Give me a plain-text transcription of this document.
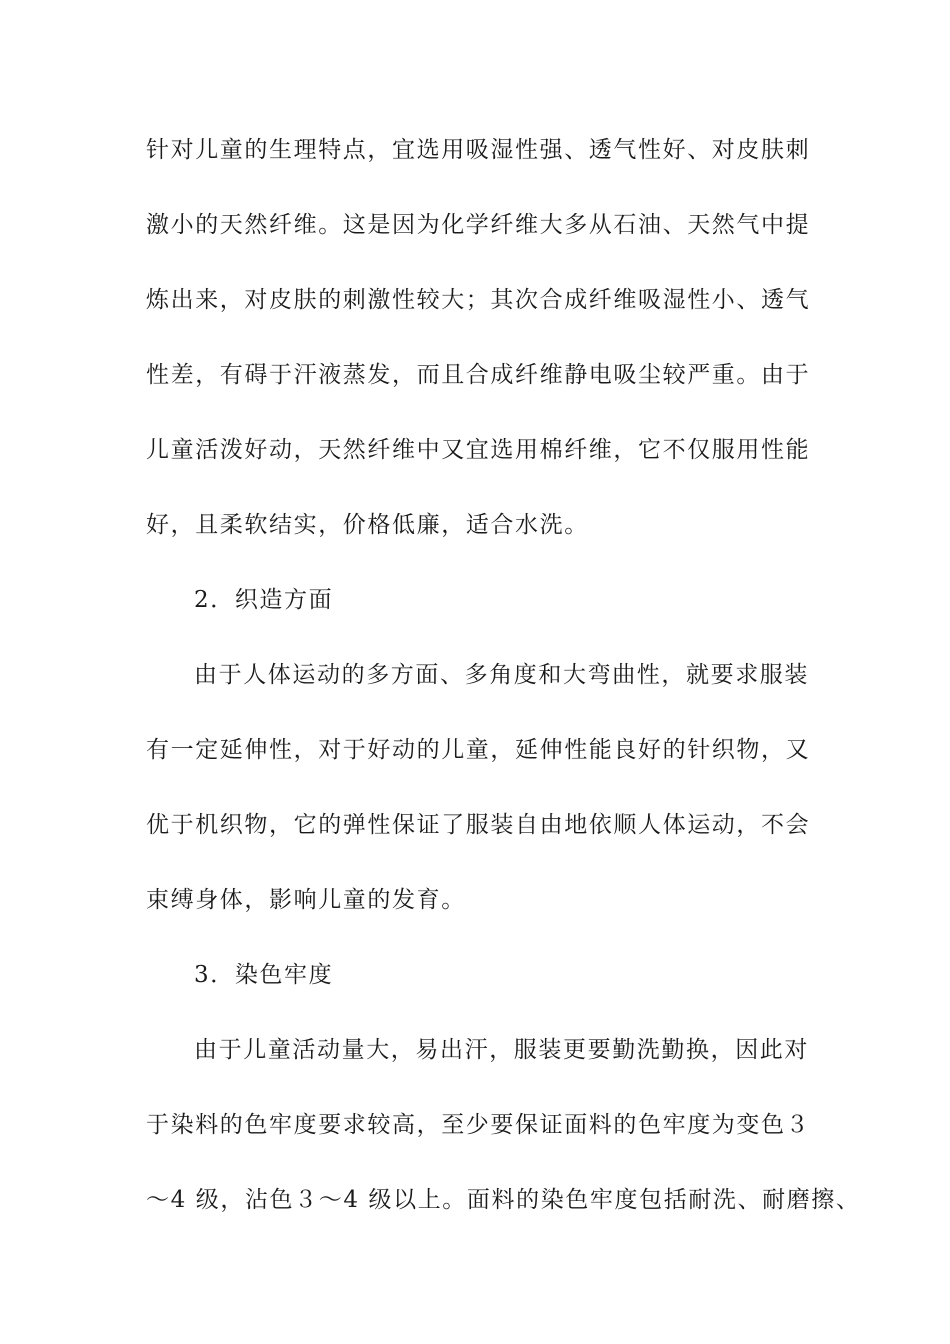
针对儿童的生理特点，宜选用吸湿性强、透气性好、对皮肤刺
激小的天然纤维。这是因为化学纤维大多从石油、天然气中提
炼出来，对皮肤的刺激性较大；其次合成纤维吸湿性小、透气
性差，有碍于汗液蒸发，而且合成纤维静电吸尘较严重。由于
儿童活泼好动，天然纤维中又宜选用棉纤维，它不仅服用性能
好，且柔软结实，价格低廉，适合水洗。
2．织造方面
由于人体运动的多方面、多角度和大弯曲性，就要求服装
有一定延伸性，对于好动的儿童，延伸性能良好的针织物，又
优于机织物，它的弹性保证了服装自由地依顺人体运动，不会
束缚身体，影响儿童的发育。
3．染色牢度
由于儿童活动量大，易出汗，服装更要勤洗勤换，因此对
于染料的色牢度要求较高，至少要保证面料的色牢度为变色３
～4 级，沾色３～4 级以上。面料的染色牢度包括耐洗、耐磨擦、
